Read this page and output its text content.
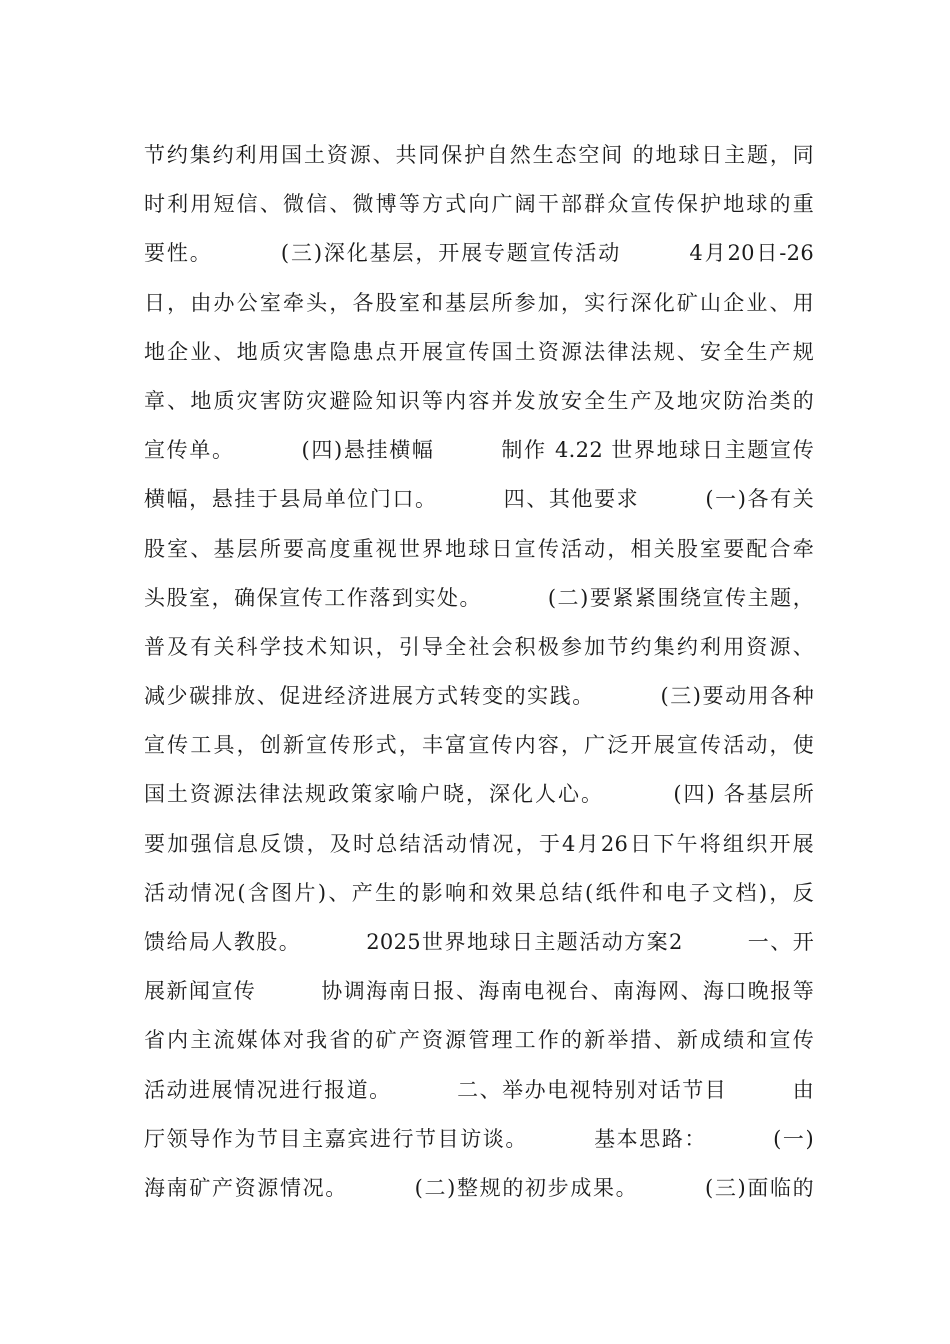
节约集约利用国土资源、共同保护自然生态空间 的地球日主题，同
时利用短信、微信、微博等方式向广阔干部群众宣传保护地球的重
要性。        (三)深化基层，开展专题宣传活动        4月20日-26
日，由办公室牵头，各股室和基层所参加，实行深化矿山企业、用
地企业、地质灾害隐患点开展宣传国土资源法律法规、安全生产规
章、地质灾害防灾避险知识等内容并发放安全生产及地灾防治类的
宣传单。        (四)悬挂横幅        制作 4.22 世界地球日主题宣传
横幅，悬挂于县局单位门口。        四、其他要求        (一)各有关
股室、基层所要高度重视世界地球日宣传活动，相关股室要配合牵
头股室，确保宣传工作落到实处。        (二)要紧紧围绕宣传主题，
普及有关科学技术知识，引导全社会积极参加节约集约利用资源、
减少碳排放、促进经济进展方式转变的实践。        (三)要动用各种
宣传工具，创新宣传形式，丰富宣传内容，广泛开展宣传活动，使
国土资源法律法规政策家喻户晓，深化人心。        (四) 各基层所
要加强信息反馈，及时总结活动情况，于4月26日下午将组织开展
活动情况(含图片)、产生的影响和效果总结(纸件和电子文档)，反
馈给局人教股。        2025世界地球日主题活动方案2        一、开
展新闻宣传        协调海南日报、海南电视台、南海网、海口晚报等
省内主流媒体对我省的矿产资源管理工作的新举措、新成绩和宣传
活动进展情况进行报道。        二、举办电视特别对话节目        由
厅领导作为节目主嘉宾进行节目访谈。        基本思路：        (一)
海南矿产资源情况。        (二)整规的初步成果。        (三)面临的
